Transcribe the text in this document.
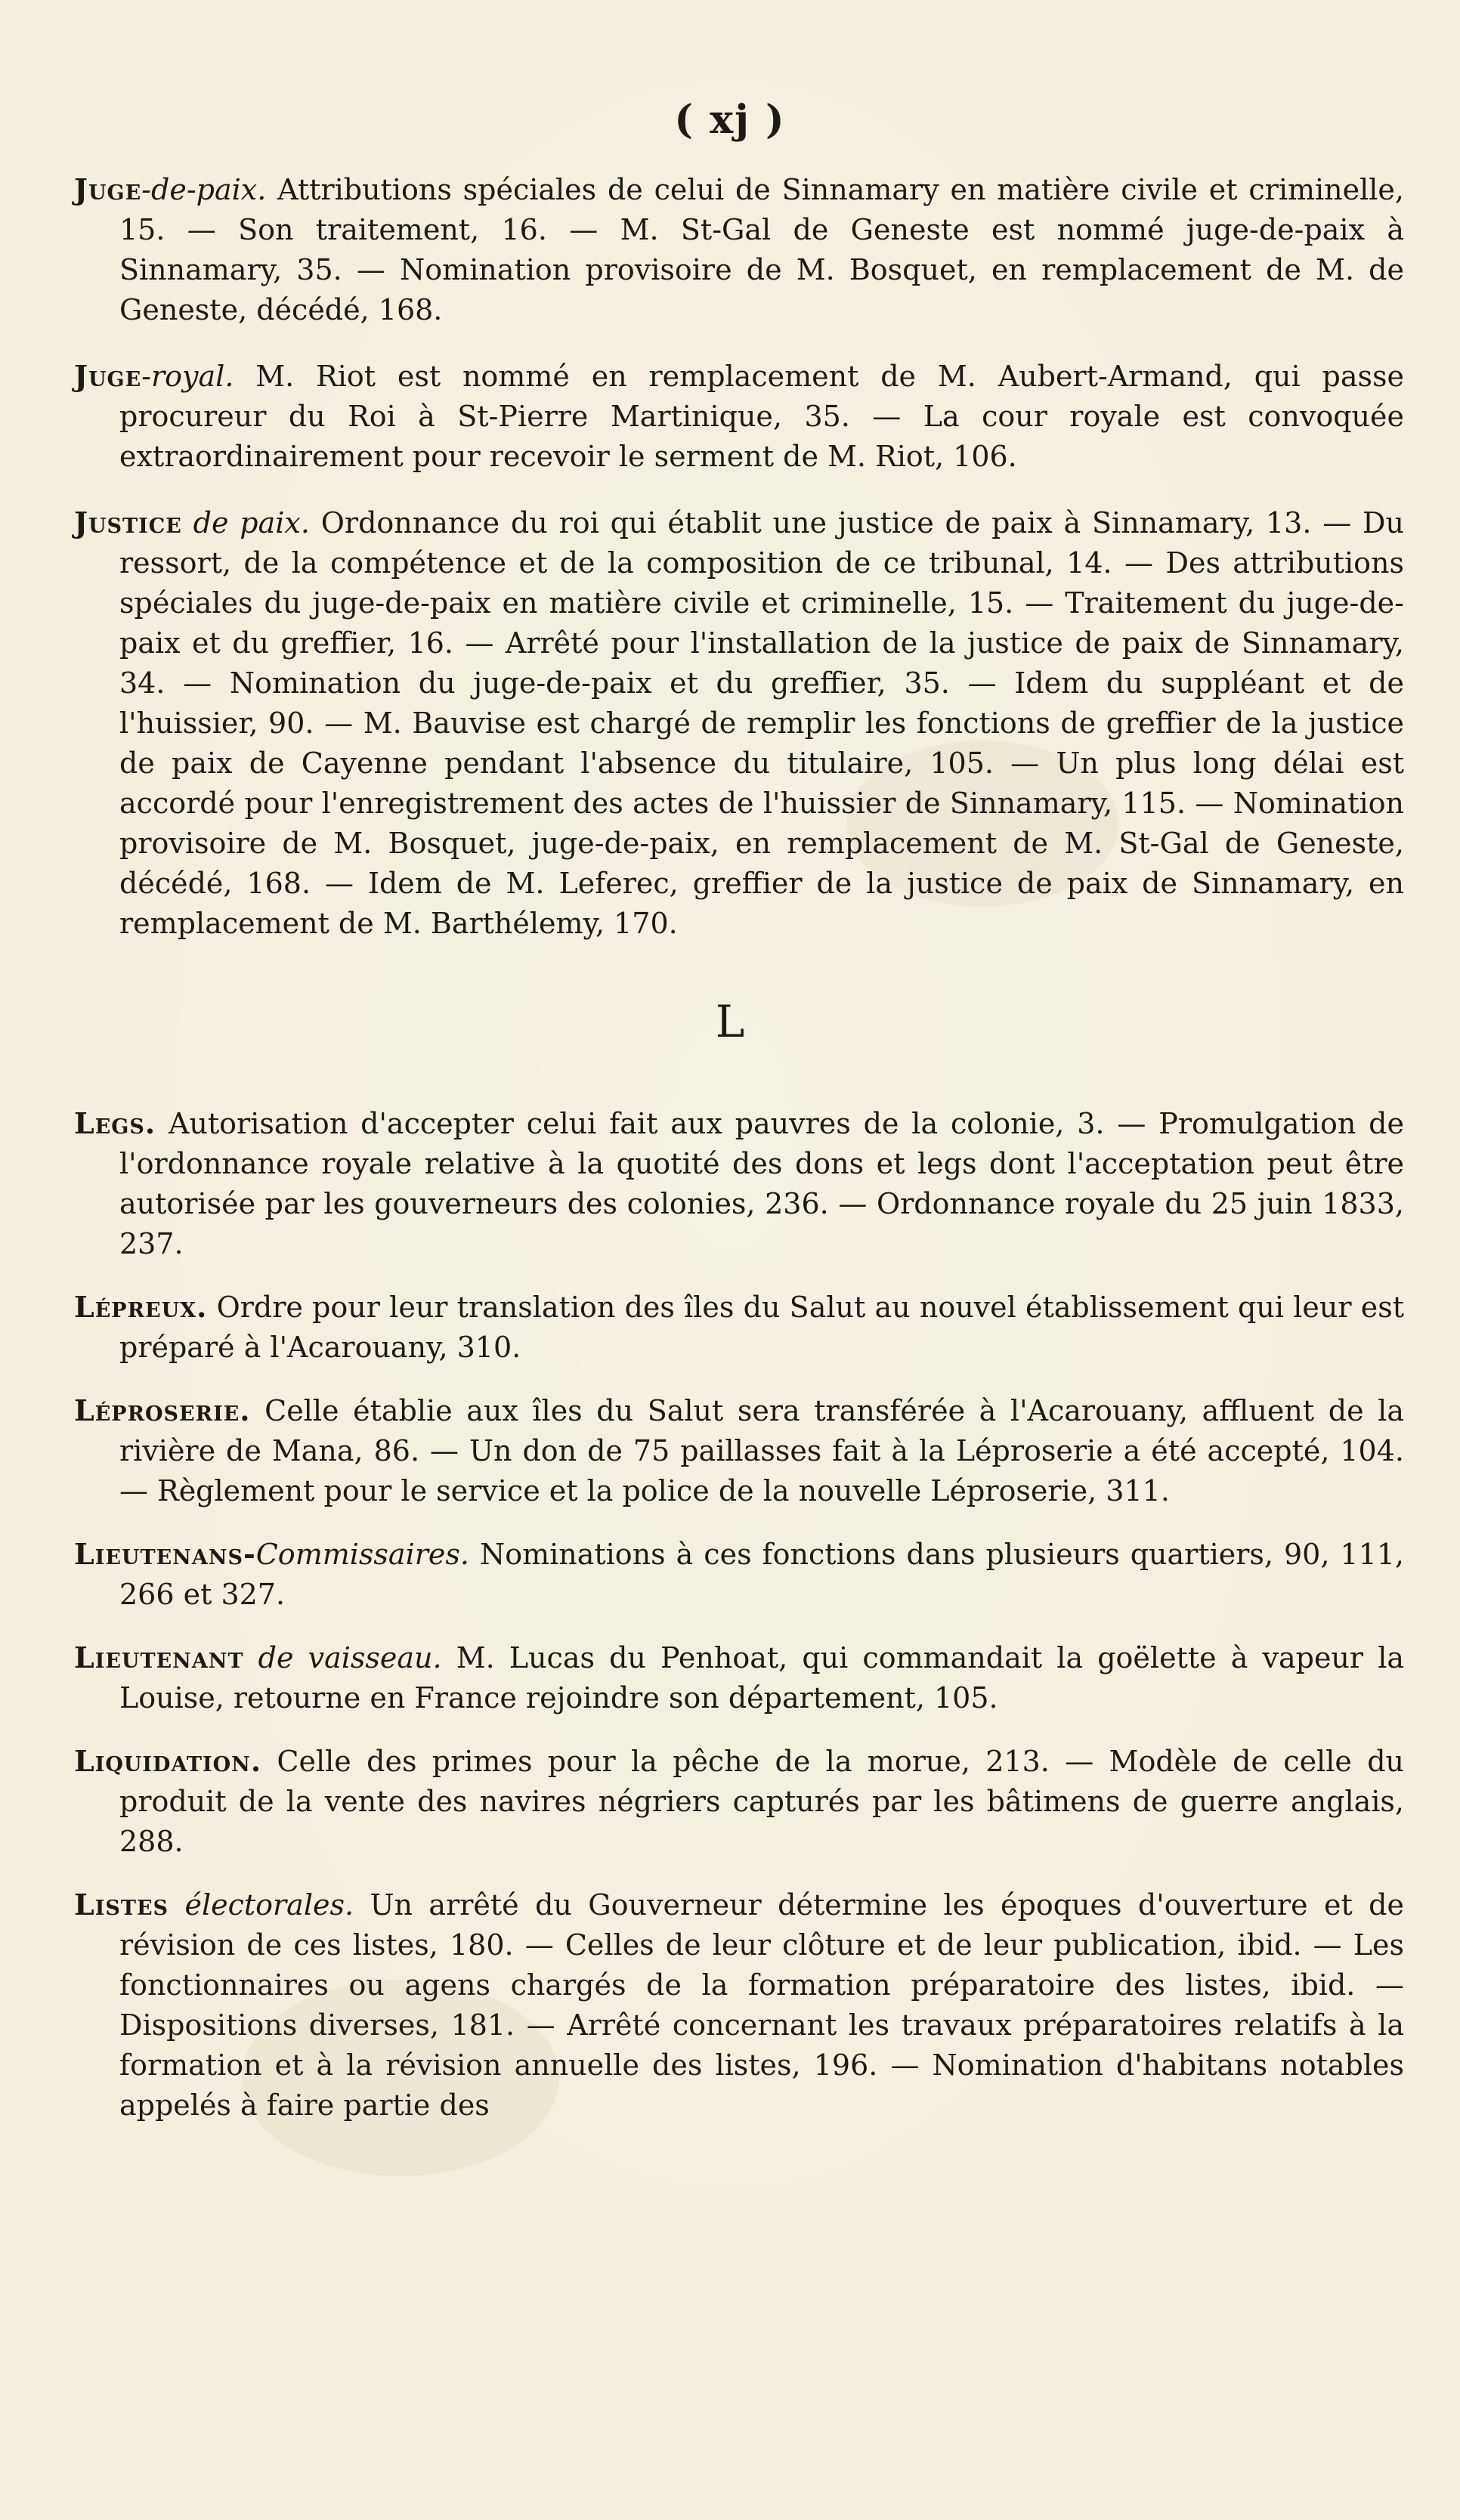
( xj )

Juge-de-paix. Attributions spéciales de celui de Sinnamary en matière civile et criminelle, 15. — Son traitement, 16. — M. St-Gal de Geneste est nommé juge-de-paix à Sinnamary, 35. — Nomination provisoire de M. Bosquet, en remplacement de M. de Geneste, décédé, 168.

Juge-royal. M. Riot est nommé en remplacement de M. Aubert-Armand, qui passe procureur du Roi à St-Pierre Martinique, 35. — La cour royale est convoquée extraordinairement pour recevoir le serment de M. Riot, 106.

Justice de paix. Ordonnance du roi qui établit une justice de paix à Sinnamary, 13. — Du ressort, de la compétence et de la composition de ce tribunal, 14. — Des attributions spéciales du juge-de-paix en matière civile et criminelle, 15. — Traitement du juge-de-paix et du greffier, 16. — Arrêté pour l'installation de la justice de paix de Sinnamary, 34. — Nomination du juge-de-paix et du greffier, 35. — Idem du suppléant et de l'huissier, 90. — M. Bauvise est chargé de remplir les fonctions de greffier de la justice de paix de Cayenne pendant l'absence du titulaire, 105. — Un plus long délai est accordé pour l'enregistrement des actes de l'huissier de Sinnamary, 115. — Nomination provisoire de M. Bosquet, juge-de-paix, en remplacement de M. St-Gal de Geneste, décédé, 168. — Idem de M. Leferec, greffier de la justice de paix de Sinnamary, en remplacement de M. Barthélemy, 170.

L

Legs. Autorisation d'accepter celui fait aux pauvres de la colonie, 3. — Promulgation de l'ordonnance royale relative à la quotité des dons et legs dont l'acceptation peut être autorisée par les gouverneurs des colonies, 236. — Ordonnance royale du 25 juin 1833, 237.

Lépreux. Ordre pour leur translation des îles du Salut au nouvel établissement qui leur est préparé à l'Acarouany, 310.

Léproserie. Celle établie aux îles du Salut sera transférée à l'Acarouany, affluent de la rivière de Mana, 86. — Un don de 75 paillasses fait à la Léproserie a été accepté, 104. — Règlement pour le service et la police de la nouvelle Léproserie, 311.

Lieutenans-Commissaires. Nominations à ces fonctions dans plusieurs quartiers, 90, 111, 266 et 327.

Lieutenant de vaisseau. M. Lucas du Penhoat, qui commandait la goëlette à vapeur la Louise, retourne en France rejoindre son département, 105.

Liquidation. Celle des primes pour la pêche de la morue, 213. — Modèle de celle du produit de la vente des navires négriers capturés par les bâtimens de guerre anglais, 288.

Listes électorales. Un arrêté du Gouverneur détermine les époques d'ouverture et de révision de ces listes, 180. — Celles de leur clôture et de leur publication, ibid. — Les fonctionnaires ou agens chargés de la formation préparatoire des listes, ibid. — Dispositions diverses, 181. — Arrêté concernant les travaux préparatoires relatifs à la formation et à la révision annuelle des listes, 196. — Nomination d'habitans notables appelés à faire partie des
